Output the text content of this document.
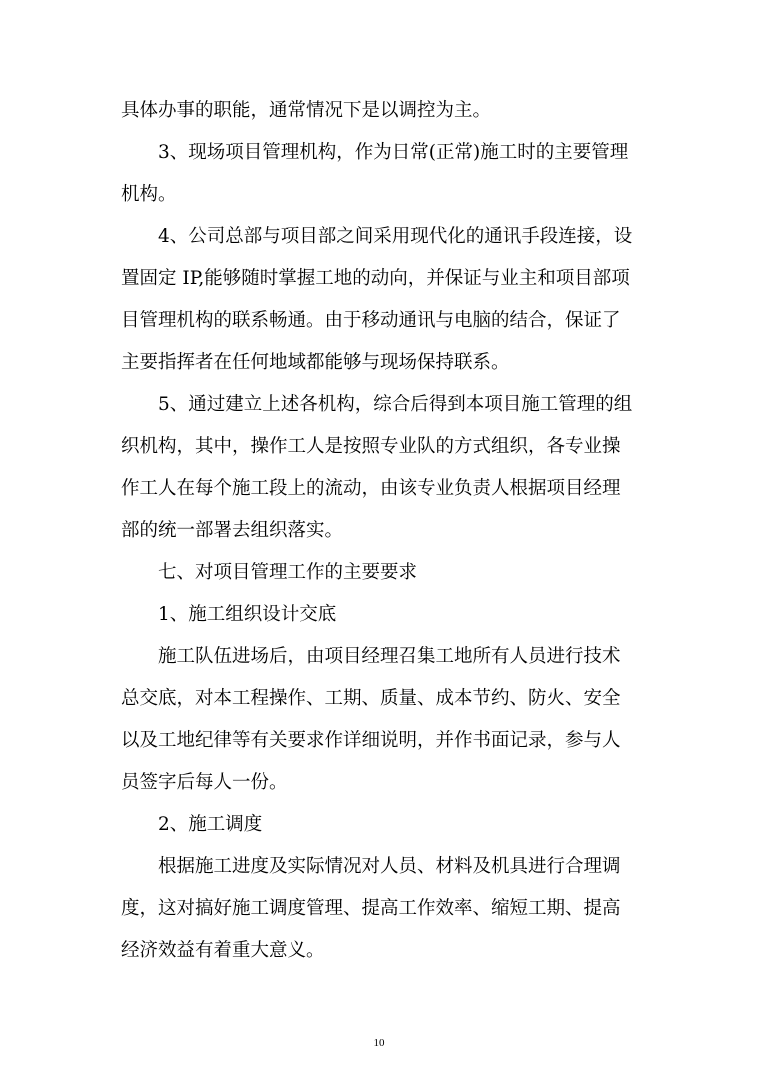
具体办事的职能，通常情况下是以调控为主。
3、现场项目管理机构，作为日常(正常)施工时的主要管理
机构。
4、公司总部与项目部之间采用现代化的通讯手段连接，设
置固定 IP,能够随时掌握工地的动向，并保证与业主和项目部项
目管理机构的联系畅通。由于移动通讯与电脑的结合，保证了
主要指挥者在任何地域都能够与现场保持联系。
5、通过建立上述各机构，综合后得到本项目施工管理的组
织机构，其中，操作工人是按照专业队的方式组织，各专业操
作工人在每个施工段上的流动，由该专业负责人根据项目经理
部的统一部署去组织落实。
七、对项目管理工作的主要要求
1、施工组织设计交底
施工队伍进场后，由项目经理召集工地所有人员进行技术
总交底，对本工程操作、工期、质量、成本节约、防火、安全
以及工地纪律等有关要求作详细说明，并作书面记录，参与人
员签字后每人一份。
2、施工调度
根据施工进度及实际情况对人员、材料及机具进行合理调
度，这对搞好施工调度管理、提高工作效率、缩短工期、提高
经济效益有着重大意义。
10
